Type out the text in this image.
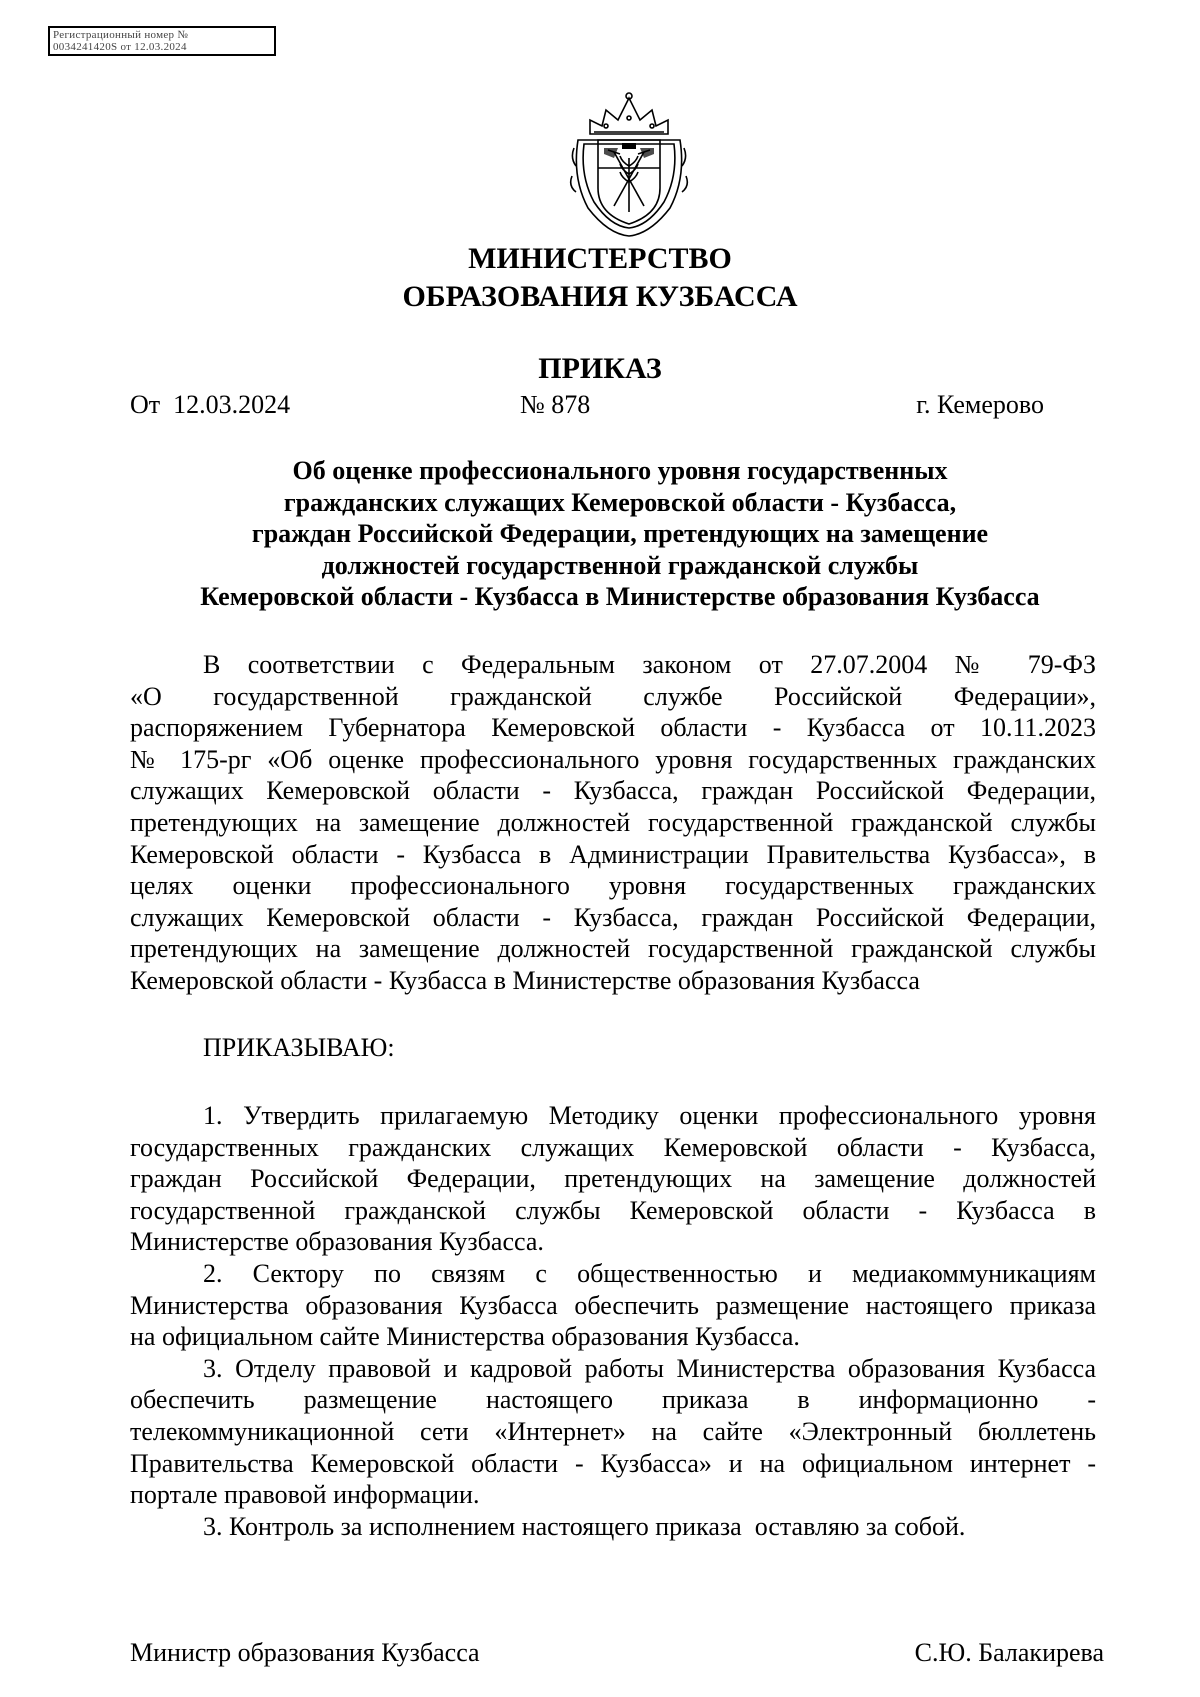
Регистрационный номер №
0034241420S от 12.03.2024
МИНИСТЕРСТВО
ОБРАЗОВАНИЯ КУЗБАССА
ПРИКАЗ
От  12.03.2024	№ 878	г. Кемерово
Об оценке профессионального уровня государственных
гражданских служащих Кемеровской области - Кузбасса,
граждан Российской Федерации, претендующих на замещение
должностей государственной гражданской службы
Кемеровской области - Кузбасса в Министерстве образования Кузбасса
В соответствии с Федеральным законом от 27.07.2004 № 79-ФЗ
«О государственной гражданской службе Российской Федерации»,
распоряжением Губернатора Кемеровской области - Кузбасса от 10.11.2023
№ 175-рг «Об оценке профессионального уровня государственных гражданских
служащих Кемеровской области - Кузбасса, граждан Российской Федерации,
претендующих на замещение должностей государственной гражданской службы
Кемеровской области - Кузбасса в Администрации Правительства Кузбасса», в
целях оценки профессионального уровня государственных гражданских
служащих Кемеровской области - Кузбасса, граждан Российской Федерации,
претендующих на замещение должностей государственной гражданской службы
Кемеровской области - Кузбасса в Министерстве образования Кузбасса
ПРИКАЗЫВАЮ:
1. Утвердить прилагаемую Методику оценки профессионального уровня
государственных гражданских служащих Кемеровской области - Кузбасса,
граждан Российской Федерации, претендующих на замещение должностей
государственной гражданской службы Кемеровской области - Кузбасса в
Министерстве образования Кузбасса.
2. Сектору по связям с общественностью и медиакоммуникациям
Министерства образования Кузбасса обеспечить размещение настоящего приказа
на официальном сайте Министерства образования Кузбасса.
3. Отделу правовой и кадровой работы Министерства образования Кузбасса
обеспечить размещение настоящего приказа в информационно -
телекоммуникационной сети «Интернет» на сайте «Электронный бюллетень
Правительства Кемеровской области - Кузбасса» и на официальном интернет -
портале правовой информации.
3. Контроль за исполнением настоящего приказа  оставляю за собой.
Министр образования Кузбасса	С.Ю. Балакирева
